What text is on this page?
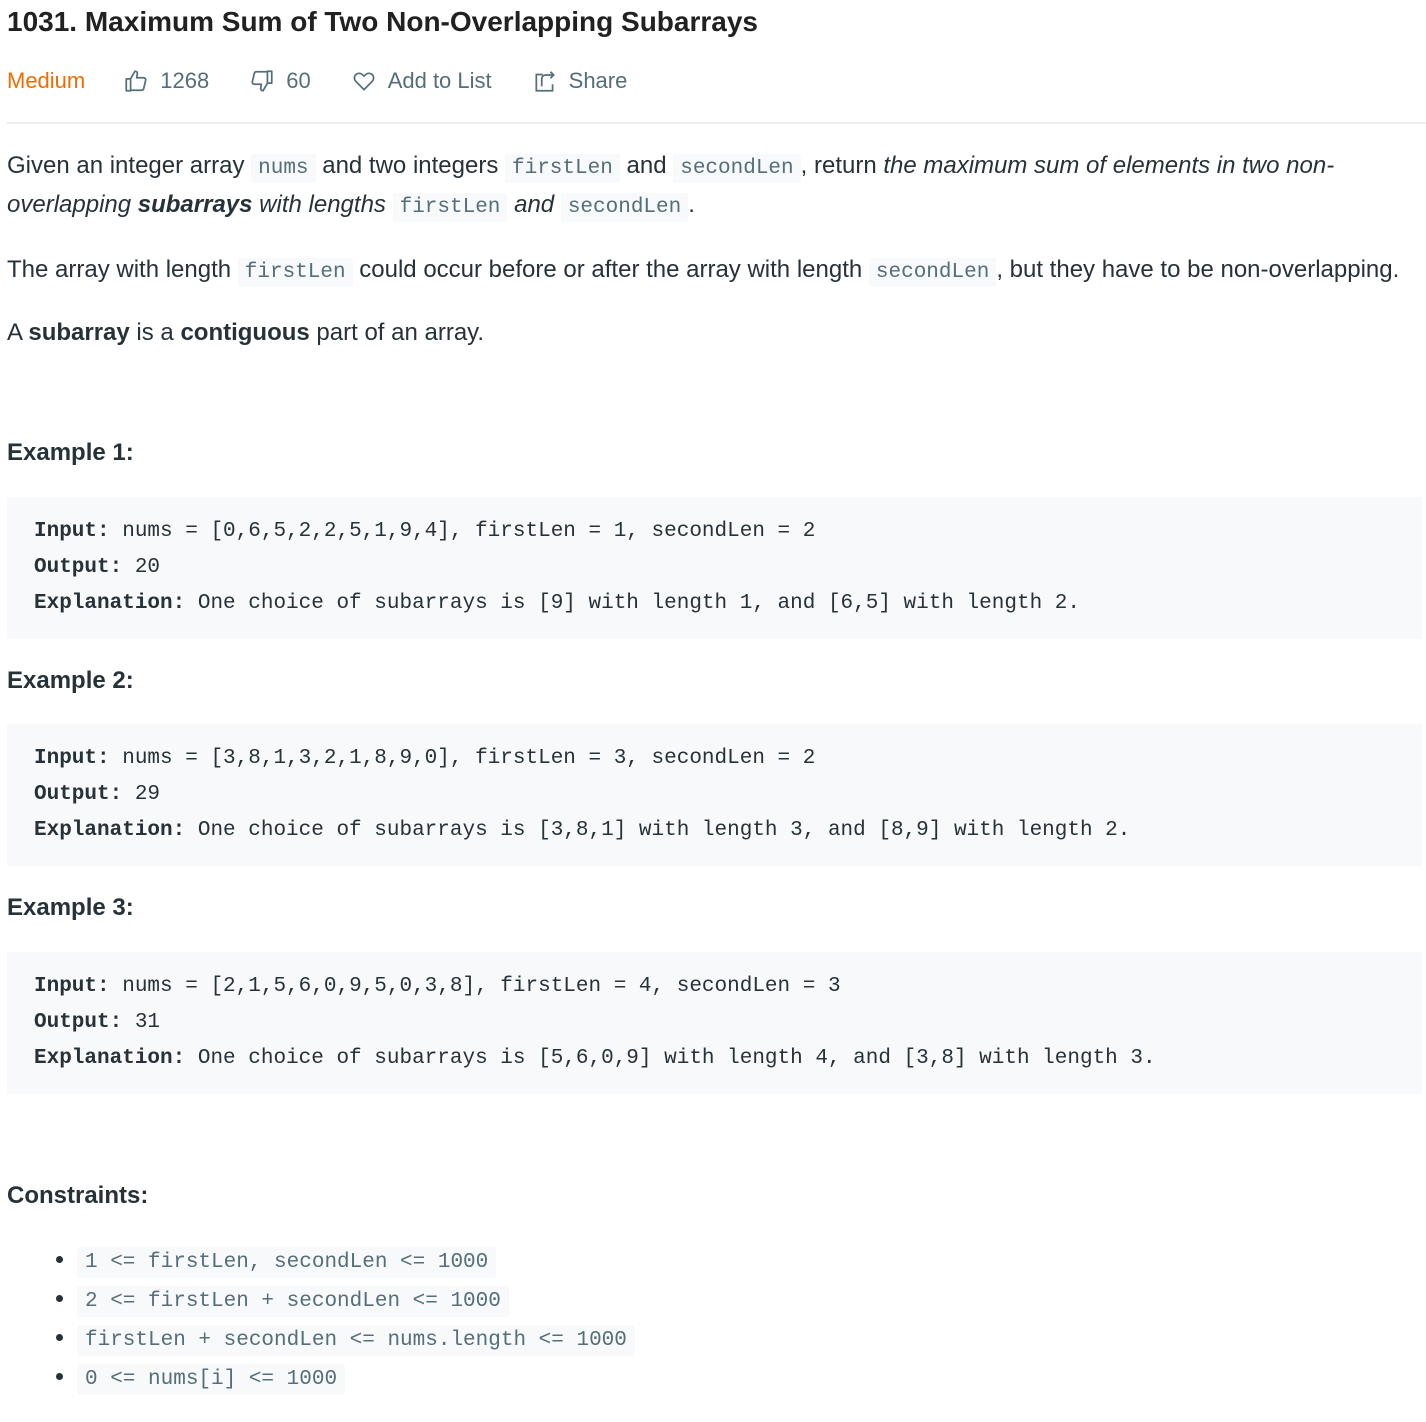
1031. Maximum Sum of Two Non-Overlapping Subarrays
Medium	1268	60	Add to List	Share

Given an integer array nums and two integers firstLen and secondLen , return the maximum sum of elements in two non-overlapping subarrays with lengths firstLen and secondLen .

The array with length firstLen could occur before or after the array with length secondLen , but they have to be non-overlapping.

A subarray is a contiguous part of an array.

Example 1:
Input: nums = [0,6,5,2,2,5,1,9,4], firstLen = 1, secondLen = 2
Output: 20
Explanation: One choice of subarrays is [9] with length 1, and [6,5] with length 2.
Example 2:
Input: nums = [3,8,1,3,2,1,8,9,0], firstLen = 3, secondLen = 2
Output: 29
Explanation: One choice of subarrays is [3,8,1] with length 3, and [8,9] with length 2.
Example 3:
Input: nums = [2,1,5,6,0,9,5,0,3,8], firstLen = 4, secondLen = 3
Output: 31
Explanation: One choice of subarrays is [5,6,0,9] with length 4, and [3,8] with length 3.
Constraints:
• 1 <= firstLen, secondLen <= 1000
• 2 <= firstLen + secondLen <= 1000
• firstLen + secondLen <= nums.length <= 1000
• 0 <= nums[i] <= 1000
